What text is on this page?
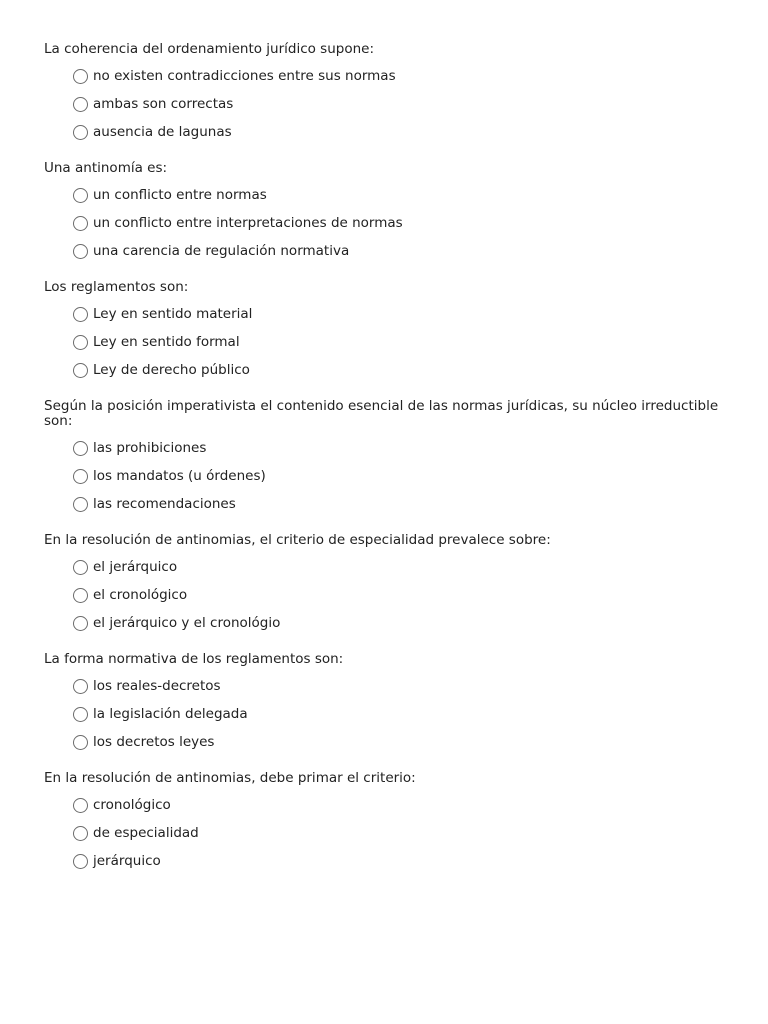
La coherencia del ordenamiento jurídico supone:
no existen contradicciones entre sus normas
ambas son correctas
ausencia de lagunas
Una antinomía es:
un conflicto entre normas
un conflicto entre interpretaciones de normas
una carencia de regulación normativa
Los reglamentos son:
Ley en sentido material
Ley en sentido formal
Ley de derecho público
Según la posición imperativista el contenido esencial de las normas jurídicas, su núcleo irreductible son:
las prohibiciones
los mandatos (u órdenes)
las recomendaciones
En la resolución de antinomias, el criterio de especialidad prevalece sobre:
el jerárquico
el cronológico
el jerárquico y el cronológio
La forma normativa de los reglamentos son:
los reales-decretos
la legislación delegada
los decretos leyes
En la resolución de antinomias, debe primar el criterio:
cronológico
de especialidad
jerárquico
